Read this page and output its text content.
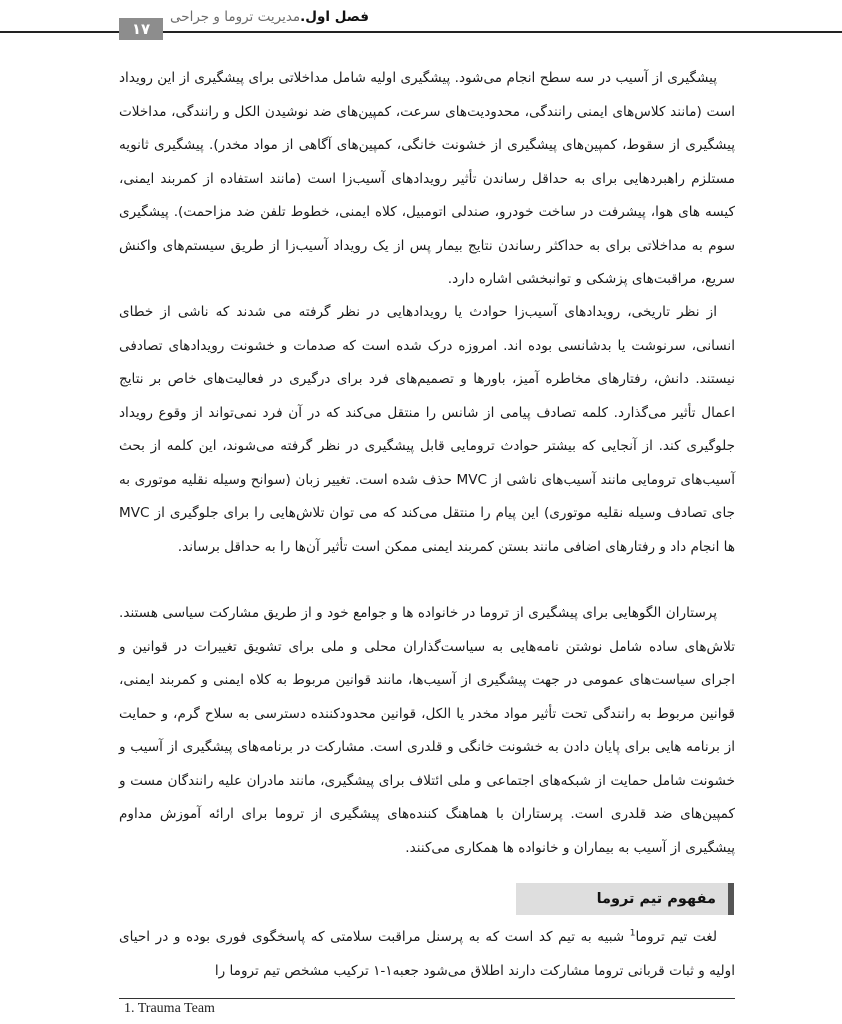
۱۷
فصل اول.مدیریت تروما و جراحی

پیشگیری از آسیب در سه سطح انجام می‌شود. پیشگیری اولیه شامل مداخلاتی برای پیشگیری از این رویداد است (مانند کلاس‌های ایمنی رانندگی، محدودیت‌های سرعت، کمپین‌های ضد نوشیدن الکل و رانندگی، مداخلات پیشگیری از سقوط، کمپین‌های پیشگیری از خشونت خانگی، کمپین‌های آگاهی از مواد مخدر). پیشگیری ثانویه مستلزم راهبردهایی برای به حداقل رساندن تأثیر رویدادهای آسیب‌زا است (مانند استفاده از کمربند ایمنی، کیسه های هوا، پیشرفت در ساخت خودرو، صندلی اتومبیل، کلاه ایمنی، خطوط تلفن ضد مزاحمت). پیشگیری سوم به مداخلاتی برای به حداکثر رساندن نتایج بیمار پس از یک رویداد آسیب‌زا از طریق سیستم‌های واکنش سریع، مراقبت‌های پزشکی و توانبخشی اشاره دارد.

از نظر تاریخی، رویدادهای آسیب‌زا حوادث یا رویدادهایی در نظر گرفته می شدند که ناشی از خطای انسانی، سرنوشت یا بدشانسی بوده اند. امروزه درک شده است که صدمات و خشونت رویدادهای تصادفی نیستند. دانش، رفتارهای مخاطره آمیز، باورها و تصمیم‌های فرد برای درگیری در فعالیت‌های خاص بر نتایج اعمال تأثیر می‌گذارد. کلمه تصادف پیامی از شانس را منتقل می‌کند که در آن فرد نمی‌تواند از وقوع رویداد جلوگیری کند. از آنجایی که بیشتر حوادث ترومایی قابل پیشگیری در نظر گرفته می‌شوند، این کلمه از بحث آسیب‌های ترومایی مانند آسیب‌های ناشی از MVC حذف شده است. تغییر زبان (سوانح وسیله نقلیه موتوری به جای تصادف وسیله نقلیه موتوری) این پیام را منتقل می‌کند که می توان تلاش‌هایی را برای جلوگیری از MVC ها انجام داد و رفتارهای اضافی مانند بستن کمربند ایمنی ممکن است تأثیر آن‌ها را به حداقل برساند.

پرستاران الگوهایی برای پیشگیری از تروما در خانواده ها و جوامع خود و از طریق مشارکت سیاسی هستند. تلاش‌های ساده شامل نوشتن نامه‌هایی به سیاست‌گذاران محلی و ملی برای تشویق تغییرات در قوانین و اجرای سیاست‌های عمومی در جهت پیشگیری از آسیب‌ها، مانند قوانین مربوط به کلاه ایمنی و کمربند ایمنی، قوانین مربوط به رانندگی تحت تأثیر مواد مخدر یا الکل، قوانین محدودکننده دسترسی به سلاح گرم، و حمایت از برنامه هایی برای پایان دادن به خشونت خانگی و قلدری است. مشارکت در برنامه‌های پیشگیری از آسیب و خشونت شامل حمایت از شبکه‌های اجتماعی و ملی ائتلاف برای پیشگیری، مانند مادران علیه رانندگان مست و کمپین‌های ضد قلدری است. پرستاران با هماهنگ کننده‌های پیشگیری از تروما برای ارائه آموزش مداوم پیشگیری از آسیب به بیماران و خانواده ها همکاری می‌کنند.

مفهوم تیم تروما

لغت تیم تروما$^1$ شبیه به تیم کد است که به پرسنل مراقبت سلامتی که پاسخگوی فوری بوده و در احیای اولیه و ثبات قربانی تروما مشارکت دارند اطلاق می‌شود جعبه۱-۱ ترکیب مشخص تیم تروما را

1. Trauma Team
